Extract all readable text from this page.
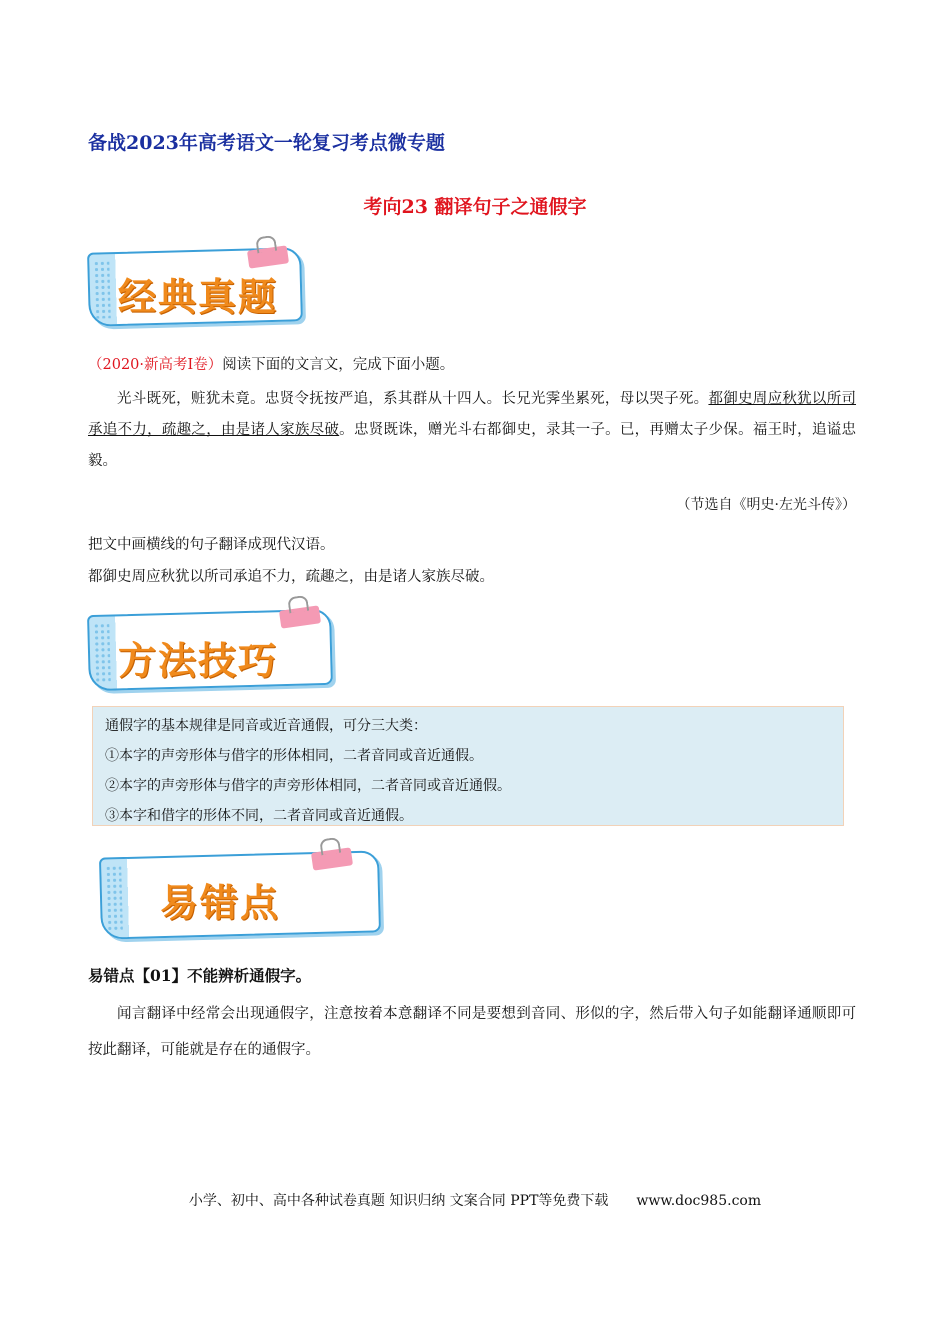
备战2023年高考语文一轮复习考点微专题
考向23 翻译句子之通假字
经典真题
（2020·新高考I卷）阅读下面的文言文，完成下面小题。
光斗既死，赃犹未竟。忠贤令抚按严追，系其群从十四人。长兄光霁坐累死，母以哭子死。都御史周应秋犹以所司承追不力，疏趣之，由是诸人家族尽破。忠贤既诛，赠光斗右都御史，录其一子。已，再赠太子少保。福王时，追谥忠毅。
（节选自《明史·左光斗传》）
把文中画横线的句子翻译成现代汉语。
都御史周应秋犹以所司承追不力，疏趣之，由是诸人家族尽破。
方法技巧
通假字的基本规律是同音或近音通假，可分三大类：
①本字的声旁形体与借字的形体相同，二者音同或音近通假。
②本字的声旁形体与借字的声旁形体相同，二者音同或音近通假。
③本字和借字的形体不同，二者音同或音近通假。
易错点
易错点【01】不能辨析通假字。
闻言翻译中经常会出现通假字，注意按着本意翻译不同是要想到音同、形似的字，然后带入句子如能翻译通顺即可按此翻译，可能就是存在的通假字。
小学、初中、高中各种试卷真题 知识归纳 文案合同 PPT等免费下载 www.doc985.com
